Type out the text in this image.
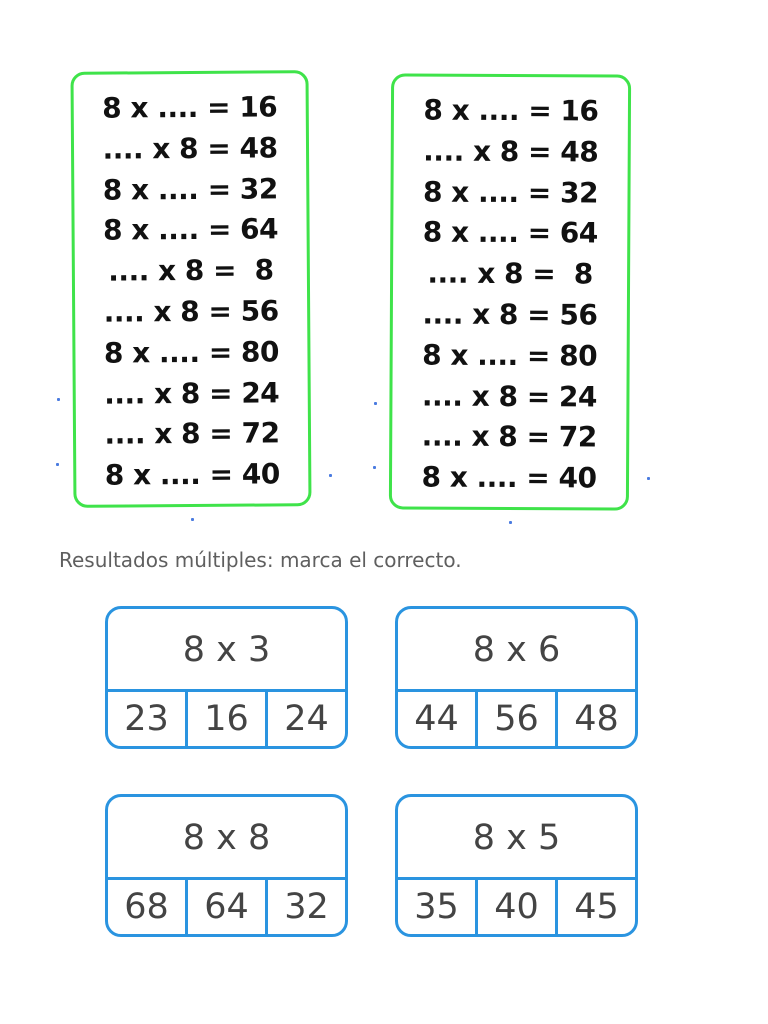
8 x .... = 16
.... x 8 = 48
8 x .... = 32
8 x .... = 64
.... x 8 =  8
.... x 8 = 56
8 x .... = 80
.... x 8 = 24
.... x 8 = 72
8 x .... = 40
8 x .... = 16
.... x 8 = 48
8 x .... = 32
8 x .... = 64
.... x 8 =  8
.... x 8 = 56
8 x .... = 80
.... x 8 = 24
.... x 8 = 72
8 x .... = 40
Resultados múltiples: marca el correcto.
8 x 3
23	16	24
8 x 6
44	56	48
8 x 8
68	64	32
8 x 5
35	40	45
